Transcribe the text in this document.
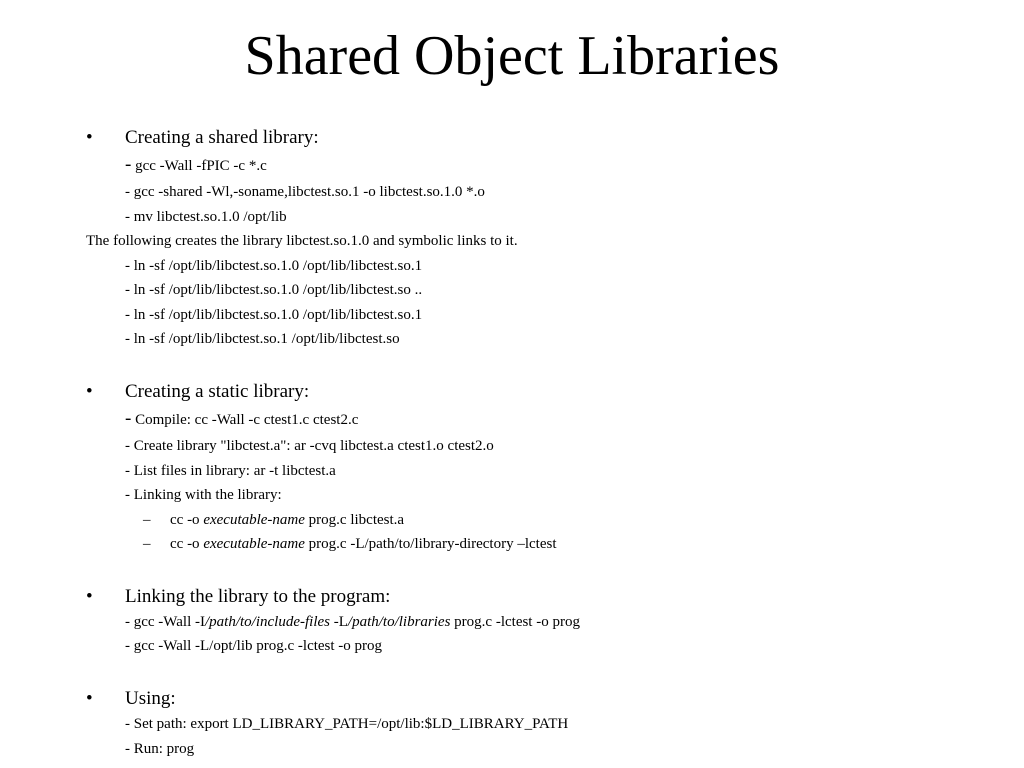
Shared Object Libraries
• Creating a shared library:
- gcc -Wall -fPIC -c *.c
- gcc -shared -Wl,-soname,libctest.so.1 -o libctest.so.1.0 *.o
- mv libctest.so.1.0 /opt/lib
The following creates the library libctest.so.1.0 and symbolic links to it.
- ln -sf /opt/lib/libctest.so.1.0 /opt/lib/libctest.so.1
- ln -sf /opt/lib/libctest.so.1.0 /opt/lib/libctest.so ..
- ln -sf /opt/lib/libctest.so.1.0 /opt/lib/libctest.so.1
- ln -sf /opt/lib/libctest.so.1 /opt/lib/libctest.so
• Creating a static library:
- Compile: cc -Wall -c ctest1.c ctest2.c
- Create library "libctest.a": ar -cvq libctest.a ctest1.o ctest2.o
- List files in library: ar -t libctest.a
- Linking with the library:
– cc -o executable-name prog.c libctest.a
– cc -o executable-name prog.c -L/path/to/library-directory –lctest
• Linking the library to the program:
- gcc -Wall -I/path/to/include-files -L/path/to/libraries prog.c -lctest -o prog
- gcc -Wall -L/opt/lib prog.c -lctest -o prog
• Using:
- Set path: export LD_LIBRARY_PATH=/opt/lib:$LD_LIBRARY_PATH
- Run: prog
